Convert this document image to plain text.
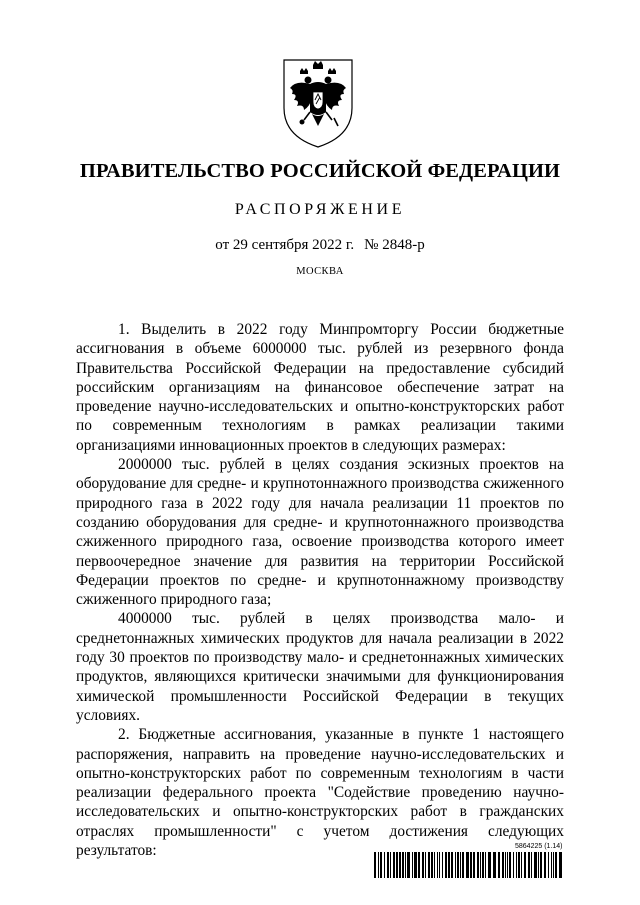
ПРАВИТЕЛЬСТВО РОССИЙСКОЙ ФЕДЕРАЦИИ
РАСПОРЯЖЕНИЕ
от 29 сентября 2022 г. № 2848-р
МОСКВА

1. Выделить в 2022 году Минпромторгу России бюджетные ассигнования в объеме 6000000 тыс. рублей из резервного фонда Правительства Российской Федерации на предоставление субсидий российским организациям на финансовое обеспечение затрат на проведение научно-исследовательских и опытно-конструкторских работ по современным технологиям в рамках реализации такими организациями инновационных проектов в следующих размерах:

2000000 тыс. рублей в целях создания эскизных проектов на оборудование для средне- и крупнотоннажного производства сжиженного природного газа в 2022 году для начала реализации 11 проектов по созданию оборудования для средне- и крупнотоннажного производства сжиженного природного газа, освоение производства которого имеет первоочередное значение для развития на территории Российской Федерации проектов по средне- и крупнотоннажному производству сжиженного природного газа;

4000000 тыс. рублей в целях производства мало- и среднетоннажных химических продуктов для начала реализации в 2022 году 30 проектов по производству мало- и среднетоннажных химических продуктов, являющихся критически значимыми для функционирования химической промышленности Российской Федерации в текущих условиях.

2. Бюджетные ассигнования, указанные в пункте 1 настоящего распоряжения, направить на проведение научно-исследовательских и опытно-конструкторских работ по современным технологиям в части реализации федерального проекта "Содействие проведению научно-исследовательских и опытно-конструкторских работ в гражданских отраслях промышленности" с учетом достижения следующих результатов:	5864225 (1.14)
